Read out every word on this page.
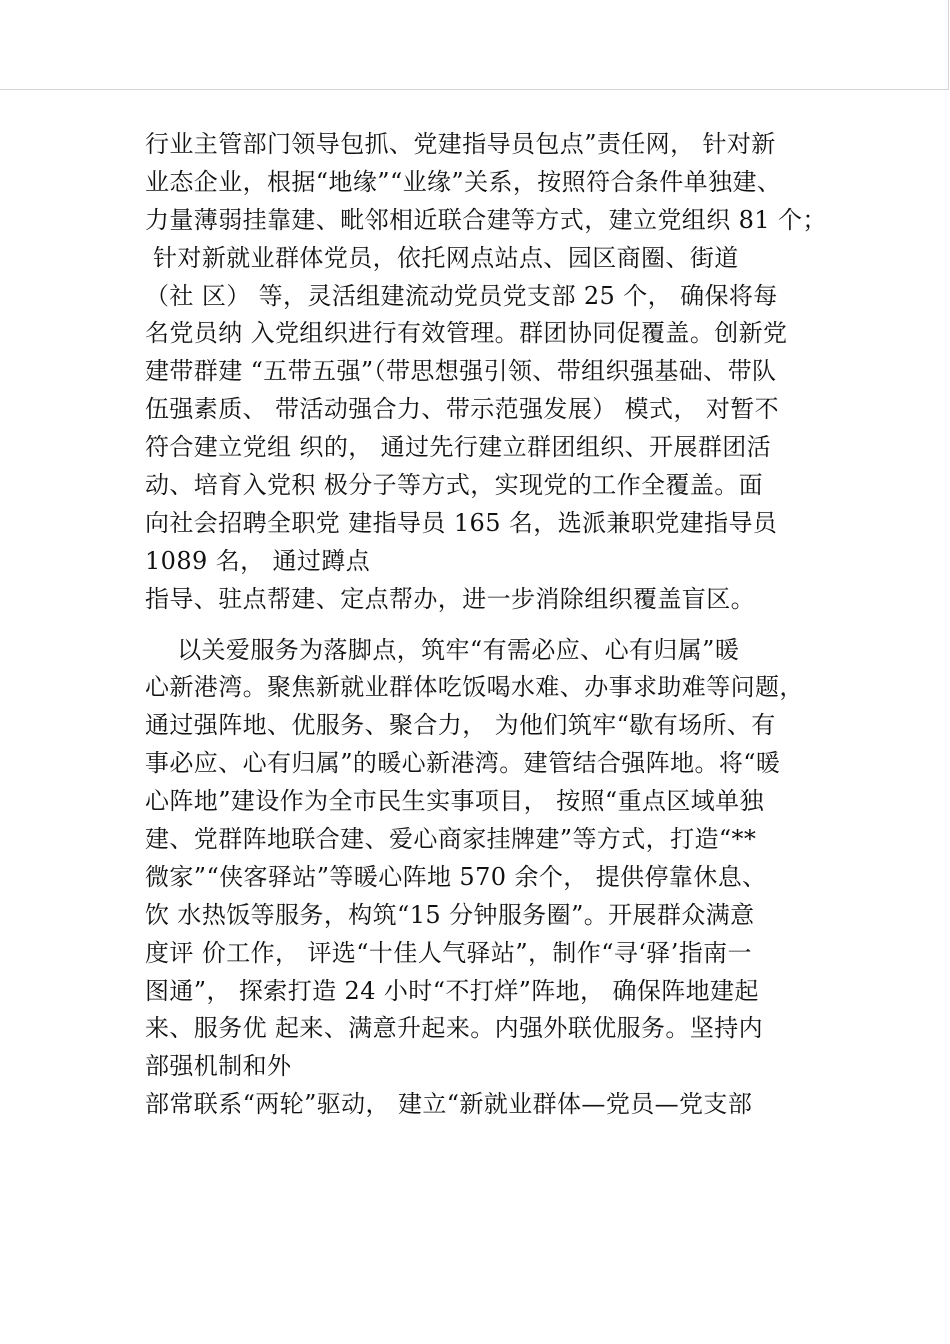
行业主管部门领导包抓、党建指导员包点”责任网， 针对新
业态企业，根据“地缘”“业缘”关系，按照符合条件单独建、
力量薄弱挂靠建、毗邻相近联合建等方式，建立党组织 81 个；
针对新就业群体党员，依托网点站点、园区商圈、街道
（社 区） 等，灵活组建流动党员党支部 25 个， 确保将每
名党员纳 入党组织进行有效管理。群团协同促覆盖。创新党
建带群建 “五带五强”（带思想强引领、带组织强基础、带队
伍强素质、 带活动强合力、带示范强发展） 模式， 对暂不
符合建立党组 织的， 通过先行建立群团组织、开展群团活
动、培育入党积 极分子等方式，实现党的工作全覆盖。面
向社会招聘全职党 建指导员 165 名，选派兼职党建指导员
1089 名， 通过蹲点
指导、驻点帮建、定点帮办，进一步消除组织覆盖盲区。
以关爱服务为落脚点，筑牢“有需必应、心有归属”暖
心新港湾。聚焦新就业群体吃饭喝水难、办事求助难等问题，
通过强阵地、优服务、聚合力， 为他们筑牢“歇有场所、有
事必应、心有归属”的暖心新港湾。建管结合强阵地。将“暖
心阵地”建设作为全市民生实事项目， 按照“重点区域单独
建、党群阵地联合建、爱心商家挂牌建”等方式，打造“**
微家”“侠客驿站”等暖心阵地 570 余个， 提供停靠休息、
饮 水热饭等服务，构筑“15 分钟服务圈”。开展群众满意
度评 价工作， 评选“十佳人气驿站”，制作“寻‘驿’指南一
图通”， 探索打造 24 小时“不打烊”阵地， 确保阵地建起
来、服务优 起来、满意升起来。内强外联优服务。坚持内
部强机制和外
部常联系“两轮”驱动， 建立“新就业群体—党员—党支部
